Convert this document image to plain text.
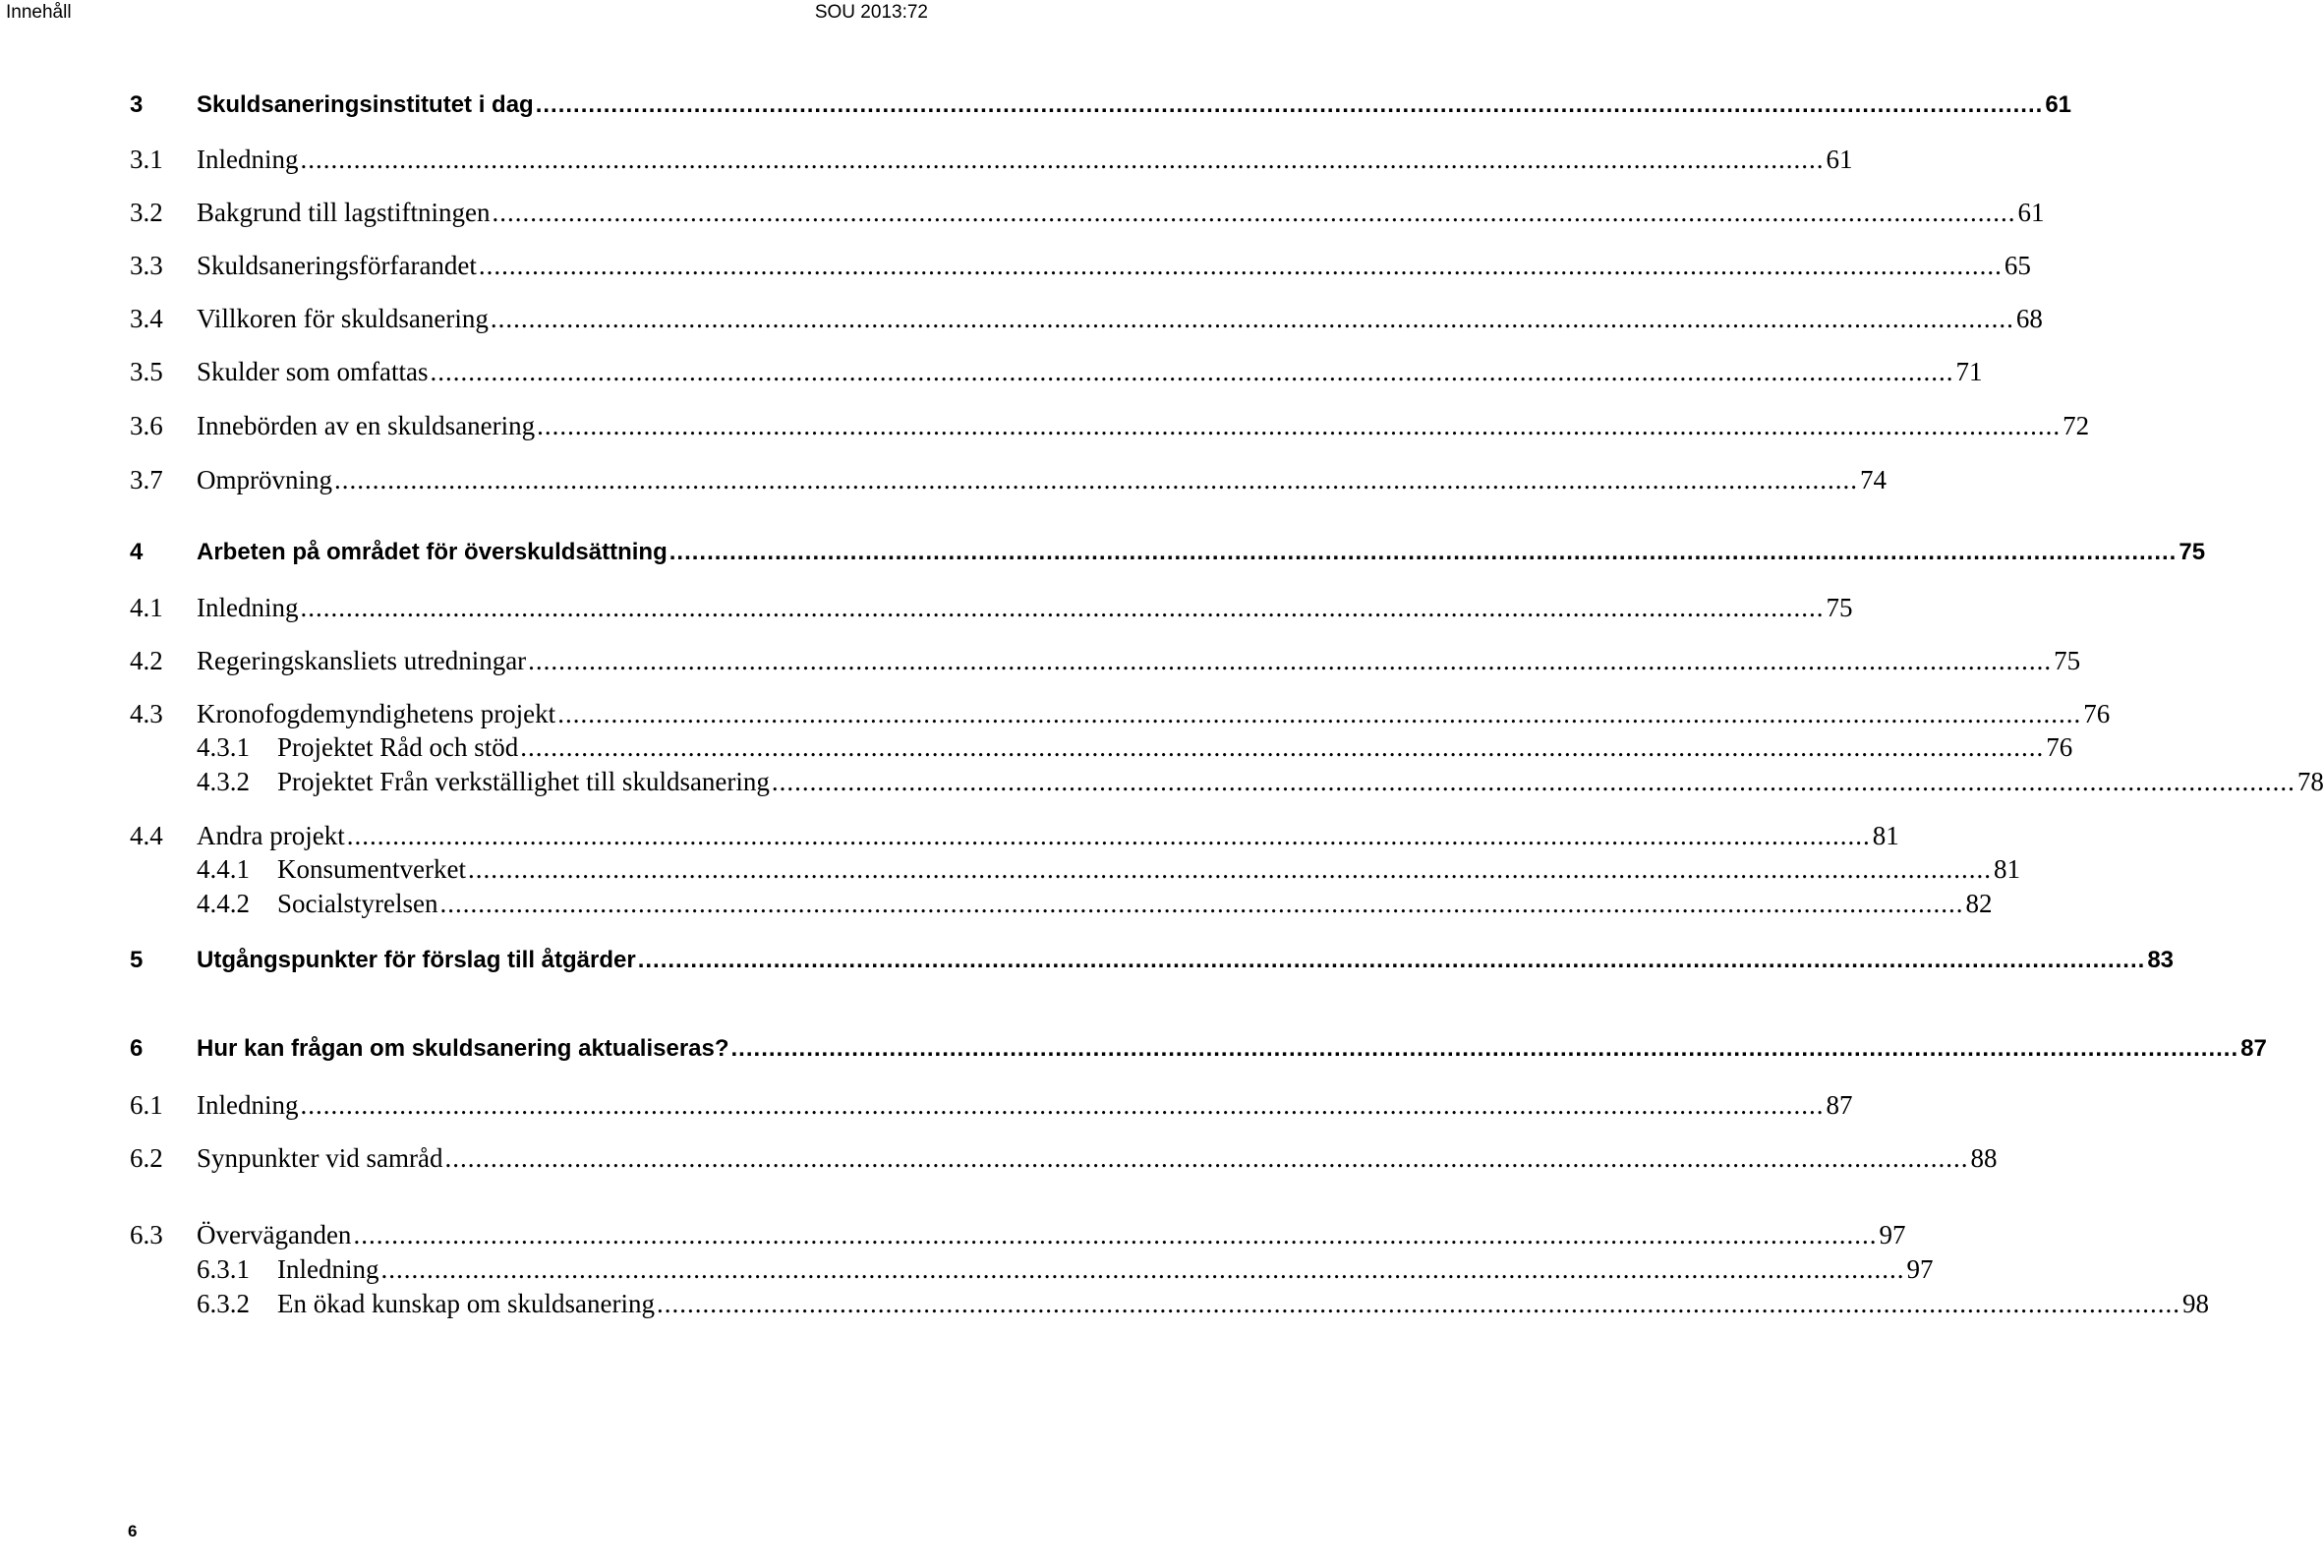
Innehåll	SOU 2013:72
3	Skuldsaneringsinstitutet i dag ........................................................................................................................................................................................................ 61
3.1	Inledning ........................................................................................................................................................................................................ 61
3.2	Bakgrund till lagstiftningen ........................................................................................................................................................................................................ 61
3.3	Skuldsaneringsförfarandet ........................................................................................................................................................................................................ 65
3.4	Villkoren för skuldsanering ........................................................................................................................................................................................................ 68
3.5	Skulder som omfattas ........................................................................................................................................................................................................ 71
3.6	Innebörden av en skuldsanering ........................................................................................................................................................................................................ 72
3.7	Omprövning ........................................................................................................................................................................................................ 74
4	Arbeten på området för överskuldsättning ........................................................................................................................................................................................................ 75
4.1	Inledning ........................................................................................................................................................................................................ 75
4.2	Regeringskansliets utredningar ........................................................................................................................................................................................................ 75
4.3	Kronofogdemyndighetens projekt ........................................................................................................................................................................................................ 76
4.3.1	Projektet Råd och stöd ........................................................................................................................................................................................................ 76
4.3.2	Projektet Från verkställighet till skuldsanering ........................................................................................................................................................................................................ 78
4.4	Andra projekt ........................................................................................................................................................................................................ 81
4.4.1	Konsumentverket ........................................................................................................................................................................................................ 81
4.4.2	Socialstyrelsen ........................................................................................................................................................................................................ 82
5	Utgångspunkter för förslag till åtgärder ........................................................................................................................................................................................................ 83
6	Hur kan frågan om skuldsanering aktualiseras? ........................................................................................................................................................................................................ 87
6.1	Inledning ........................................................................................................................................................................................................ 87
6.2	Synpunkter vid samråd ........................................................................................................................................................................................................ 88
6.3	Överväganden ........................................................................................................................................................................................................ 97
6.3.1	Inledning ........................................................................................................................................................................................................ 97
6.3.2	En ökad kunskap om skuldsanering ........................................................................................................................................................................................................ 98
6
